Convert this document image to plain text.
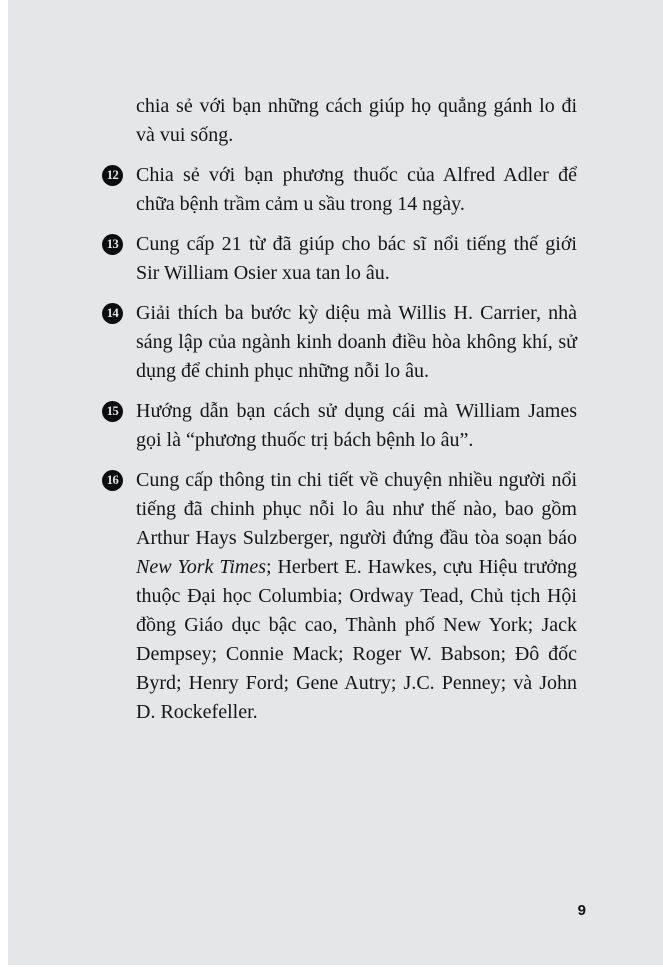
chia sẻ với bạn những cách giúp họ quẳng gánh lo đi và vui sống.
12 Chia sẻ với bạn phương thuốc của Alfred Adler để chữa bệnh trầm cảm u sầu trong 14 ngày.
13 Cung cấp 21 từ đã giúp cho bác sĩ nổi tiếng thế giới Sir William Osier xua tan lo âu.
14 Giải thích ba bước kỳ diệu mà Willis H. Carrier, nhà sáng lập của ngành kinh doanh điều hòa không khí, sử dụng để chinh phục những nỗi lo âu.
15 Hướng dẫn bạn cách sử dụng cái mà William James gọi là “phương thuốc trị bách bệnh lo âu”.
16 Cung cấp thông tin chi tiết về chuyện nhiều người nổi tiếng đã chinh phục nỗi lo âu như thế nào, bao gồm Arthur Hays Sulzberger, người đứng đầu tòa soạn báo New York Times; Herbert E. Hawkes, cựu Hiệu trưởng thuộc Đại học Columbia; Ordway Tead, Chủ tịch Hội đồng Giáo dục bậc cao, Thành phố New York; Jack Dempsey; Connie Mack; Roger W. Babson; Đô đốc Byrd; Henry Ford; Gene Autry; J.C. Penney; và John D. Rockefeller.
9
